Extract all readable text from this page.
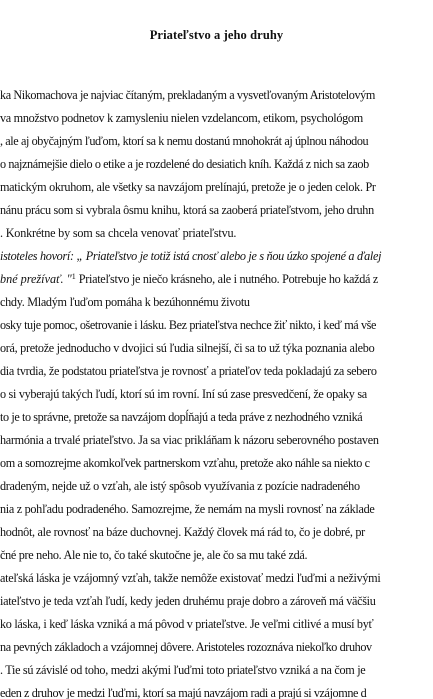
Priateľstvo a jeho druhy
ka Nikomachova je najviac čítaným, prekladaným a vysvetľovaným Aristotelovým
va množstvo podnetov k zamysleniu nielen vzdelancom, etikom, psychológom
, ale aj obyčajným ľuďom, ktorí sa k nemu dostanú mnohokrát aj úplnou náhodou
o najznámejšie dielo o etike a je rozdelené do desiatich kníh. Každá z nich sa zaob
matickým okruhom, ale všetky sa navzájom prelínajú, pretože je o jeden celok. Pr
nánu prácu som si vybrala ôsmu knihu, ktorá sa zaoberá priateľstvom, jeho druhn
. Konkrétne by som sa chcela venovať priateľstvu.
istoteles hovorí: „ Priateľstvo je totiž istá cnosť alebo je s ňou úzko spojené a ďalej
bné prežívať. "$^1$ Priateľstvo je niečo krásneho, ale i nutného. Potrebuje ho každá z
chdy. Mladým ľuďom pomáha k bezúhonnému životu
osky tuje pomoc, ošetrovanie i lásku. Bez priateľstva nechce žiť nikto, i keď má vše
orá, pretože jednoducho v dvojici sú ľudia silnejší, či sa to už týka poznania alebo
dia tvrdia, že podstatou priateľstva je rovnosť a priateľov teda pokladajú za sebero
o si vyberajú takých ľudí, ktorí sú im rovní. Iní sú zase presvedčení, že opaky sa
to je to správne, pretože sa navzájom dopĺňajú a teda práve z nezhodného vzniká
harmónia a trvalé priateľstvo. Ja sa viac prikláňam k názoru seberovného postaven
om a somozrejme akomkoľvek partnerskom vzťahu, pretože ako náhle sa niekto c
dradeným, nejde už o vzťah, ale istý spôsob využívania z pozície nadradeného
nia z pohľadu podradeného. Samozrejme, že nemám na mysli rovnosť na základe
hodnôt, ale rovnosť na báze duchovnej. Každý človek má rád to, čo je dobré, pr
čné pre neho. Ale nie to, čo také skutočne je, ale čo sa mu také zdá.
ateľská láska je vzájomný vzťah, takže nemôže existovať medzi ľuďmi a neživými
iateľstvo je teda vzťah ľudí, kedy jeden druhému praje dobro a zároveň má väčšiu
ko láska, i keď láska vzniká a má pôvod v priateľstve. Je veľmi citlivé a musí byť
na pevných základoch a vzájomnej dôvere. Aristoteles rozoznáva niekoľko druhov
. Tie sú závislé od toho, medzi akými ľuďmi toto priateľstvo vzniká a na čom je
eden z druhov je medzi ľuďmi, ktorí sa majú navzájom radi a prajú si vzájomne d
